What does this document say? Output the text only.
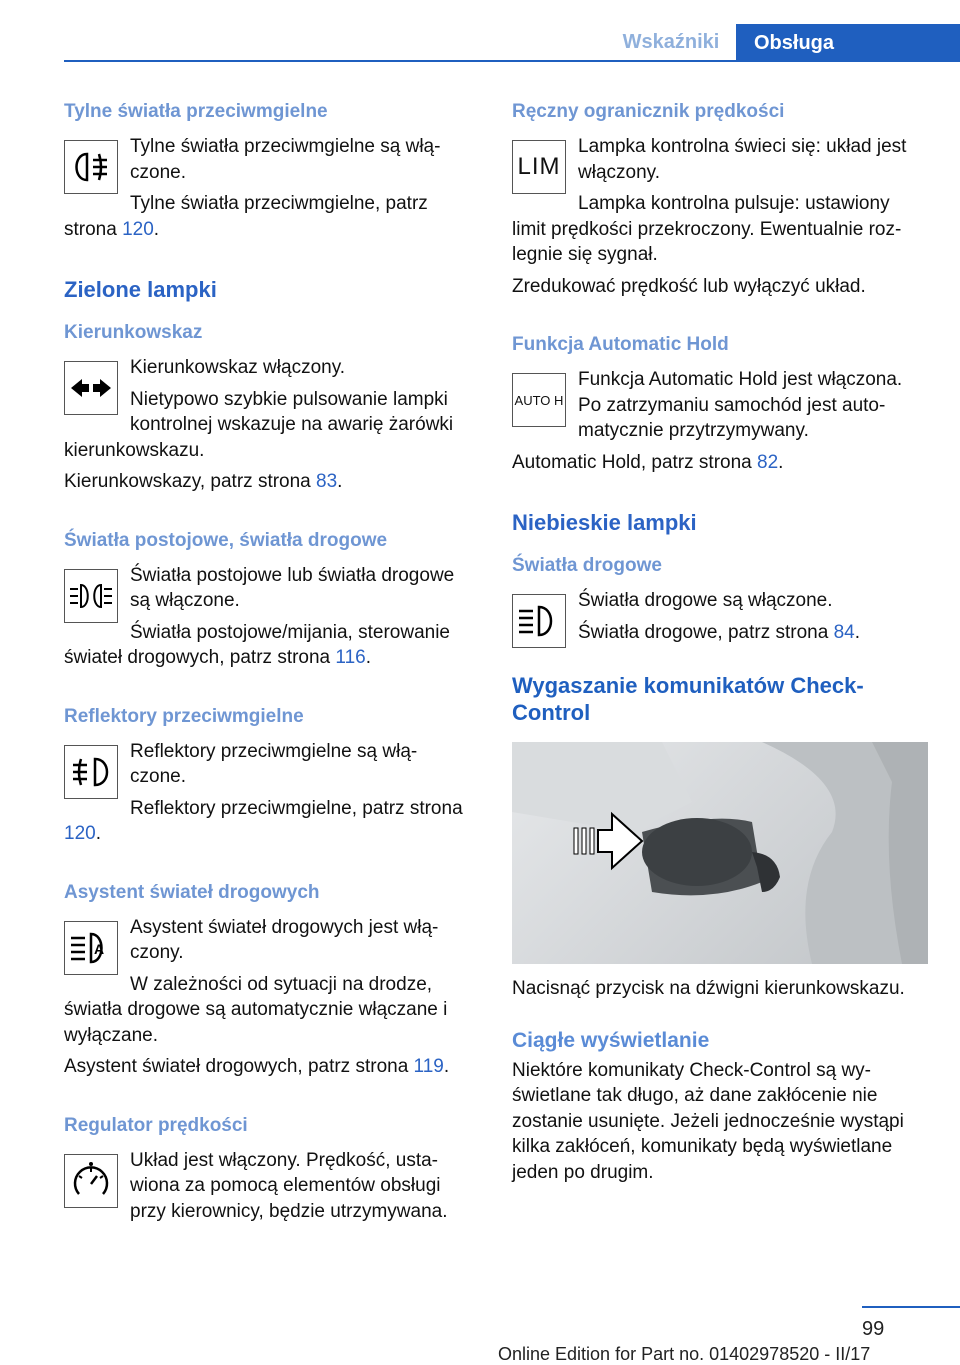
Wskaźniki	Obsługa
Tylne światła przeciwmgielne

Tylne światła przeciwmgielne są włą‐ czone.

Tylne światła przeciwmgielne, patrz strona 120.

Zielone lampki
Kierunkowskaz

Kierunkowskaz włączony.

Nietypowo szybkie pulsowanie lampki kontrolnej wskazuje na awarię żarówki kierunkowskazu.

Kierunkowskazy, patrz strona 83.

Światła postojowe, światła drogowe

Światła postojowe lub światła drogowe są włączone.

Światła postojowe/mijania, sterowanie świateł drogowych, patrz strona 116.

Reflektory przeciwmgielne

Reflektory przeciwmgielne są włą‐ czone.

Reflektory przeciwmgielne, patrz strona 120.

Asystent świateł drogowych
A

Asystent świateł drogowych jest włą‐ czony.

W zależności od sytuacji na drodze, światła drogowe są automatycznie włączane i wyłączane.

Asystent świateł drogowych, patrz strona 119.

Regulator prędkości

Układ jest włączony. Prędkość, usta‐ wiona za pomocą elementów obsługi przy kierownicy, będzie utrzymywana.

Ręczny ogranicznik prędkości
LIM

Lampka kontrolna świeci się: układ jest włączony.

Lampka kontrolna pulsuje: ustawiony limit prędkości przekroczony. Ewentualnie roz‐ legnie się sygnał.

Zredukować prędkość lub wyłączyć układ.

Funkcja Automatic Hold
AUTO H

Funkcja Automatic Hold jest włączona. Po zatrzymaniu samochód jest auto‐ matycznie przytrzymywany.

Automatic Hold, patrz strona 82.

Niebieskie lampki
Światła drogowe

Światła drogowe są włączone.

Światła drogowe, patrz strona 84.

Wygaszanie komunikatów Check- Control

Nacisnąć przycisk na dźwigni kierunkowskazu.

Ciągłe wyświetlanie

Niektóre komunikaty Check-Control są wy‐ świetlane tak długo, aż dane zakłócenie nie zostanie usunięte. Jeżeli jednocześnie wystąpi kilka zakłóceń, komunikaty będą wyświetlane jeden po drugim.

99
Online Edition for Part no. 01402978520 - II/17
